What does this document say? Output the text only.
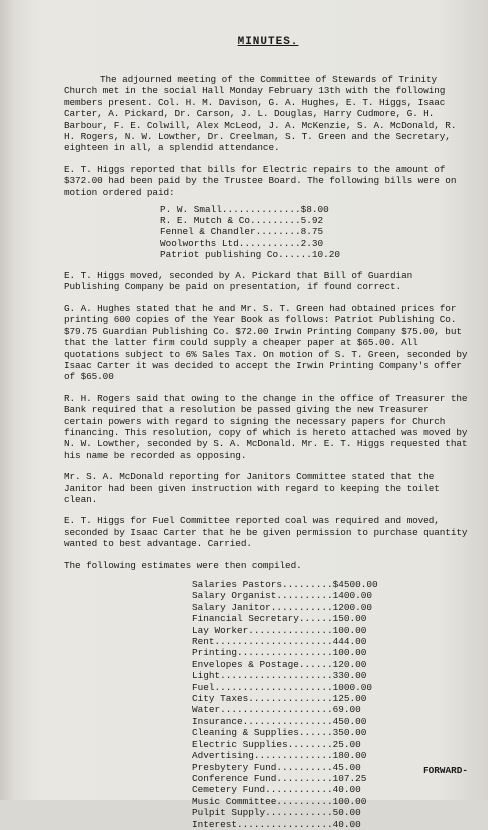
MINUTES.

The adjourned meeting of the Committee of Stewards of Trinity Church met in the social Hall Monday February 13th with the following members present. Col. H. M. Davison, G. A. Hughes, E. T. Higgs, Isaac Carter, A. Pickard, Dr. Carson, J. L. Douglas, Harry Cudmore, G. H. Barbour, F. E. Colwill, Alex McLeod, J. A. McKenzie, S. A. McDonald, R. H. Rogers, N. W. Lowther, Dr. Creelman, S. T. Green and the Secretary, eighteen in all, a splendid attendance.

E. T. Higgs reported that bills for Electric repairs to the amount of $372.00 had been paid by the Trustee Board. The following bills were on motion ordered paid:

P. W. Small.............. $8.00
R. E. Mutch & Co......... 5.92
Fennel & Chandler........ 8.75
Woolworths Ltd........... 2.30
Patriot publishing Co...... 10.20

E. T. Higgs moved, seconded by A. Pickard that Bill of Guardian Publishing Company be paid on presentation, if found correct.

G. A. Hughes stated that he and Mr. S. T. Green had obtained prices for printing 600 copies of the Year Book as follows: Patriot Publishing Co. $79.75 Guardian Publishing Co. $72.00 Irwin Printing Company $75.00, but that the latter firm could supply a cheaper paper at $65.00. All quotations subject to 6% Sales Tax. On motion of S. T. Green, seconded by Isaac Carter it was decided to accept the Irwin Printing Company's offer of $65.00

R. H. Rogers said that owing to the change in the office of Treasurer the Bank required that a resolution be passed giving the new Treasurer certain powers with regard to signing the necessary papers for Church financing. This resolution, copy of which is hereto attached was moved by N. W. Lowther, seconded by S. A. McDonald. Mr. E. T. Higgs requested that his name be recorded as opposing.

Mr. S. A. McDonald reporting for Janitors Committee stated that the Janitor had been given instruction with regard to keeping the toilet clean.

E. T. Higgs for Fuel Committee reported coal was required and moved, seconded by Isaac Carter that he be given permission to purchase quantity wanted to best advantage. Carried.

The following estimates were then compiled.

Salaries Pastors......... $4500.00
Salary Organist.......... 1400.00
Salary Janitor........... 1200.00
Financial Secretary...... 150.00
Lay Worker............... 100.00
Rent..................... 444.00
Printing................. 100.00
Envelopes & Postage...... 120.00
Light.................... 330.00
Fuel..................... 1000.00
City Taxes............... 125.00
Water.................... 69.00
Insurance................ 450.00
Cleaning & Supplies...... 350.00
Electric Supplies........ 25.00
Advertising.............. 180.00
Presbytery Fund.......... 45.00
Conference Fund.......... 107.25
Cemetery Fund............ 40.00
Music Committee.......... 100.00
Pulpit Supply............ 50.00
Interest................. 40.00
FORWARD-
